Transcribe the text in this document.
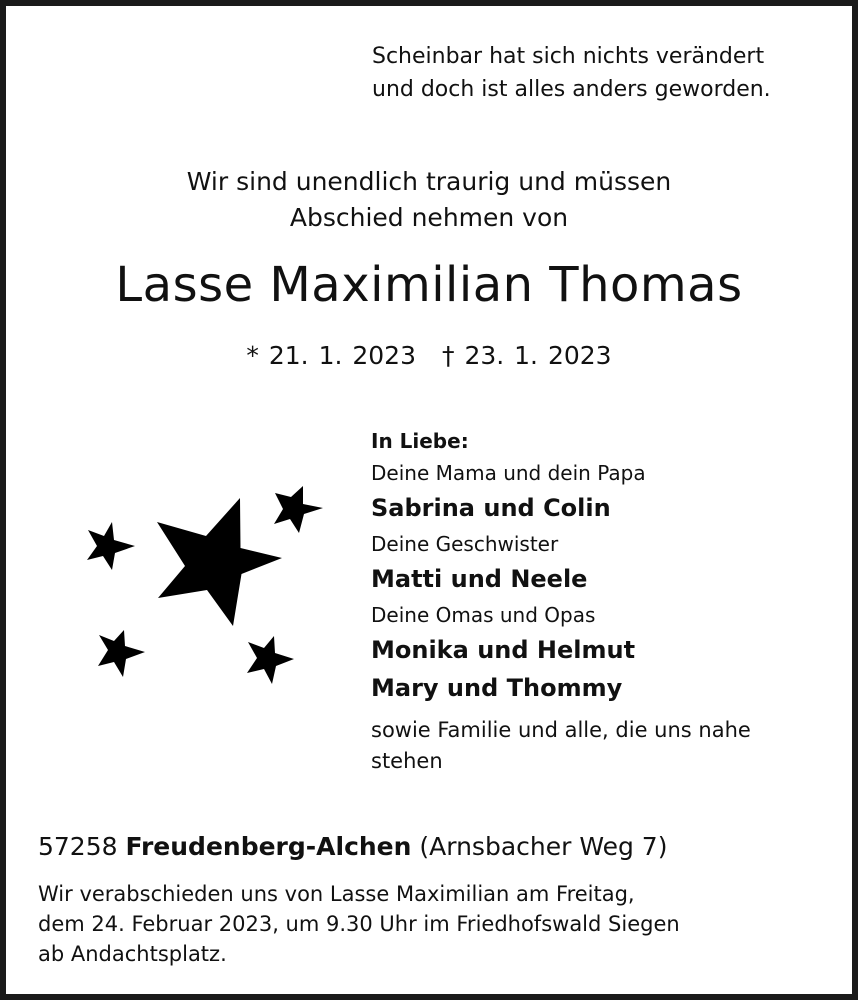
Scheinbar hat sich nichts verändert
und doch ist alles anders geworden.
Wir sind unendlich traurig und müssen
Abschied nehmen von
Lasse Maximilian Thomas
* 21. 1. 2023 † 23. 1. 2023
In Liebe:
Deine Mama und dein Papa
Sabrina und Colin
Deine Geschwister
Matti und Neele
Deine Omas und Opas
Monika und Helmut
Mary und Thommy
sowie Familie und alle, die uns nahe stehen
57258 Freudenberg-Alchen (Arnsbacher Weg 7)
Wir verabschieden uns von Lasse Maximilian am Freitag,
dem 24. Februar 2023, um 9.30 Uhr im Friedhofswald Siegen
ab Andachtsplatz.
